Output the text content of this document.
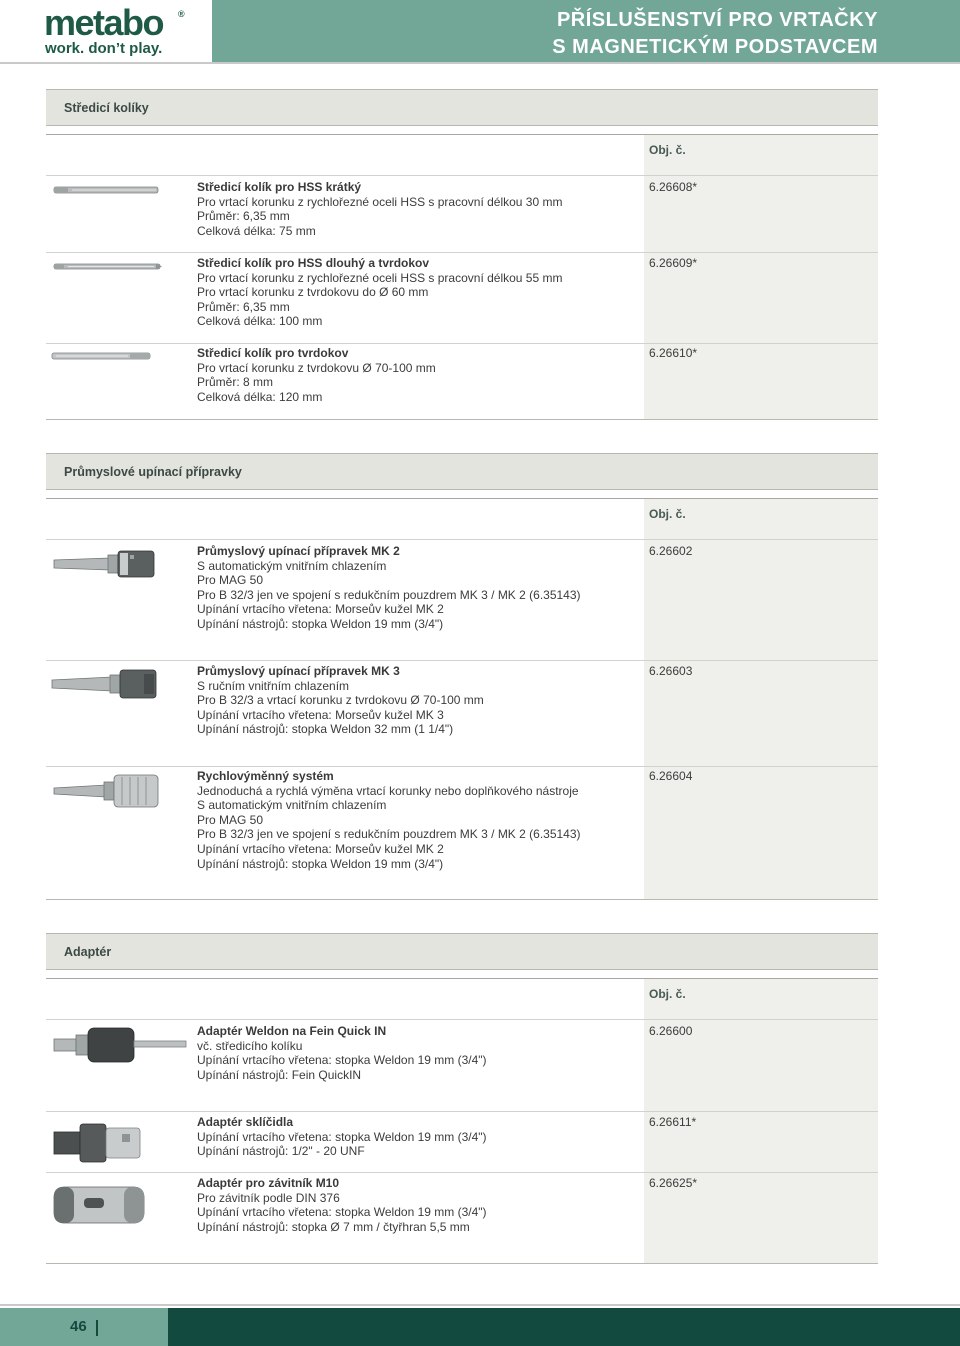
metabo ®
work. don’t play.
PŘÍSLUŠENSTVÍ PRO VRTAČKY
S MAGNETICKÝM PODSTAVCEM
Středicí kolíky
Obj. č.
Středicí kolík pro HSS krátký
Pro vrtací korunku z rychlořezné oceli HSS s pracovní délkou 30 mm
Průměr: 6,35 mm
Celková délka: 75 mm
6.26608*
Středicí kolík pro HSS dlouhý a tvrdokov
Pro vrtací korunku z rychlořezné oceli HSS s pracovní délkou 55 mm
Pro vrtací korunku z tvrdokovu do Ø 60 mm
Průměr: 6,35 mm
Celková délka: 100 mm
6.26609*
Středicí kolík pro tvrdokov
Pro vrtací korunku z tvrdokovu Ø 70-100 mm
Průměr: 8 mm
Celková délka: 120 mm
6.26610*
Průmyslové upínací přípravky
Obj. č.
Průmyslový upínací přípravek MK 2
S automatickým vnitřním chlazením
Pro MAG 50
Pro B 32/3 jen ve spojení s redukčním pouzdrem MK 3 / MK 2 (6.35143)
Upínání vrtacího vřetena: Morseův kužel MK 2
Upínání nástrojů: stopka Weldon 19 mm (3/4")
6.26602
Průmyslový upínací přípravek MK 3
S ručním vnitřním chlazením
Pro B 32/3 a vrtací korunku z tvrdokovu Ø 70-100 mm
Upínání vrtacího vřetena: Morseův kužel MK 3
Upínání nástrojů: stopka Weldon 32 mm (1 1/4")
6.26603
Rychlovýměnný systém
Jednoduchá a rychlá výměna vrtací korunky nebo doplňkového nástroje
S automatickým vnitřním chlazením
Pro MAG 50
Pro B 32/3 jen ve spojení s redukčním pouzdrem MK 3 / MK 2 (6.35143)
Upínání vrtacího vřetena: Morseův kužel MK 2
Upínání nástrojů: stopka Weldon 19 mm (3/4")
6.26604
Adaptér
Obj. č.
Adaptér Weldon na Fein Quick IN
vč. středicího kolíku
Upínání vrtacího vřetena: stopka Weldon 19 mm (3/4")
Upínání nástrojů: Fein QuickIN
6.26600
Adaptér sklíčidla
Upínání vrtacího vřetena: stopka Weldon 19 mm (3/4")
Upínání nástrojů: 1/2" - 20 UNF
6.26611*
Adaptér pro závitník M10
Pro závitník podle DIN 376
Upínání vrtacího vřetena: stopka Weldon 19 mm (3/4")
Upínání nástrojů: stopka Ø 7 mm / čtyřhran 5,5 mm
6.26625*
46
